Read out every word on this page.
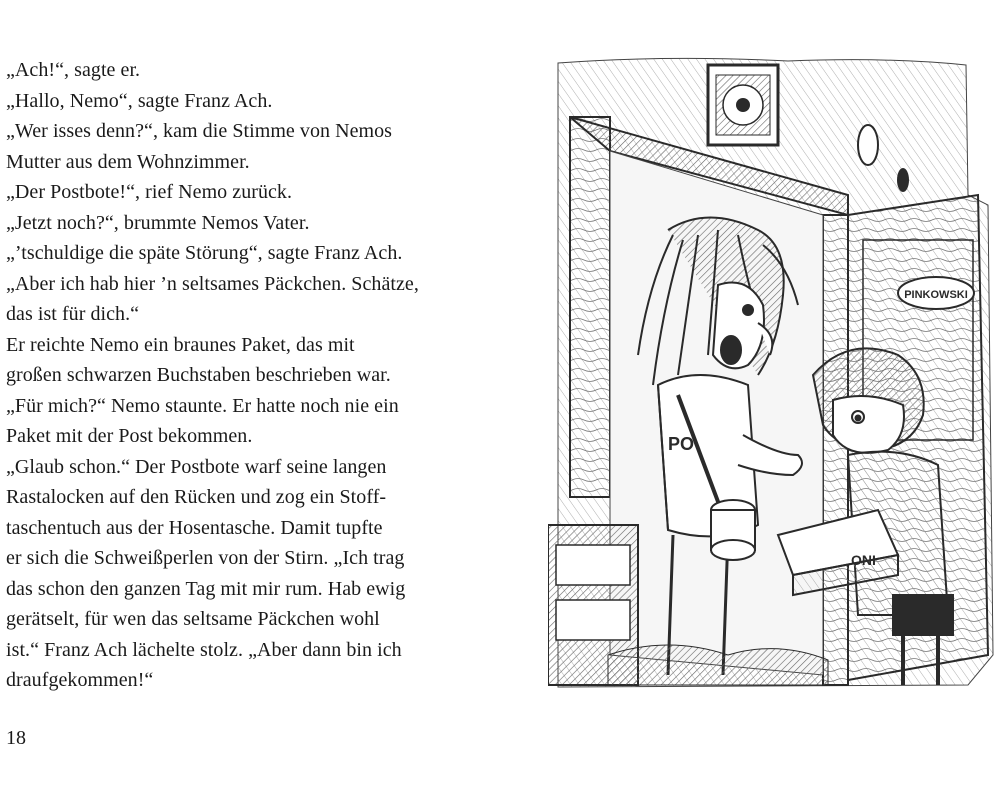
„Ach!“, sagte er.
„Hallo, Nemo“, sagte Franz Ach.
„Wer isses denn?“, kam die Stimme von Nemos
Mutter aus dem Wohnzimmer.
„Der Postbote!“, rief Nemo zurück.
„Jetzt noch?“, brummte Nemos Vater.
„’tschuldige die späte Störung“, sagte Franz Ach.
„Aber ich hab hier ’n seltsames Päckchen. Schätze,
das ist für dich.“
Er reichte Nemo ein braunes Paket, das mit
großen schwarzen Buchstaben beschrieben war.
„Für mich?“ Nemo staunte. Er hatte noch nie ein
Paket mit der Post bekommen.
„Glaub schon.“ Der Postbote warf seine langen
Rastalocken auf den Rücken und zog ein Stoff-
taschentuch aus der Hosentasche. Damit tupfte
er sich die Schweißperlen von der Stirn. „Ich trag
das schon den ganzen Tag mit mir rum. Hab ewig
gerätselt, für wen das seltsame Päckchen wohl
ist.“ Franz Ach lächelte stolz. „Aber dann bin ich
draufgekommen!“
18
PINKOWSKI
PO
ONI
